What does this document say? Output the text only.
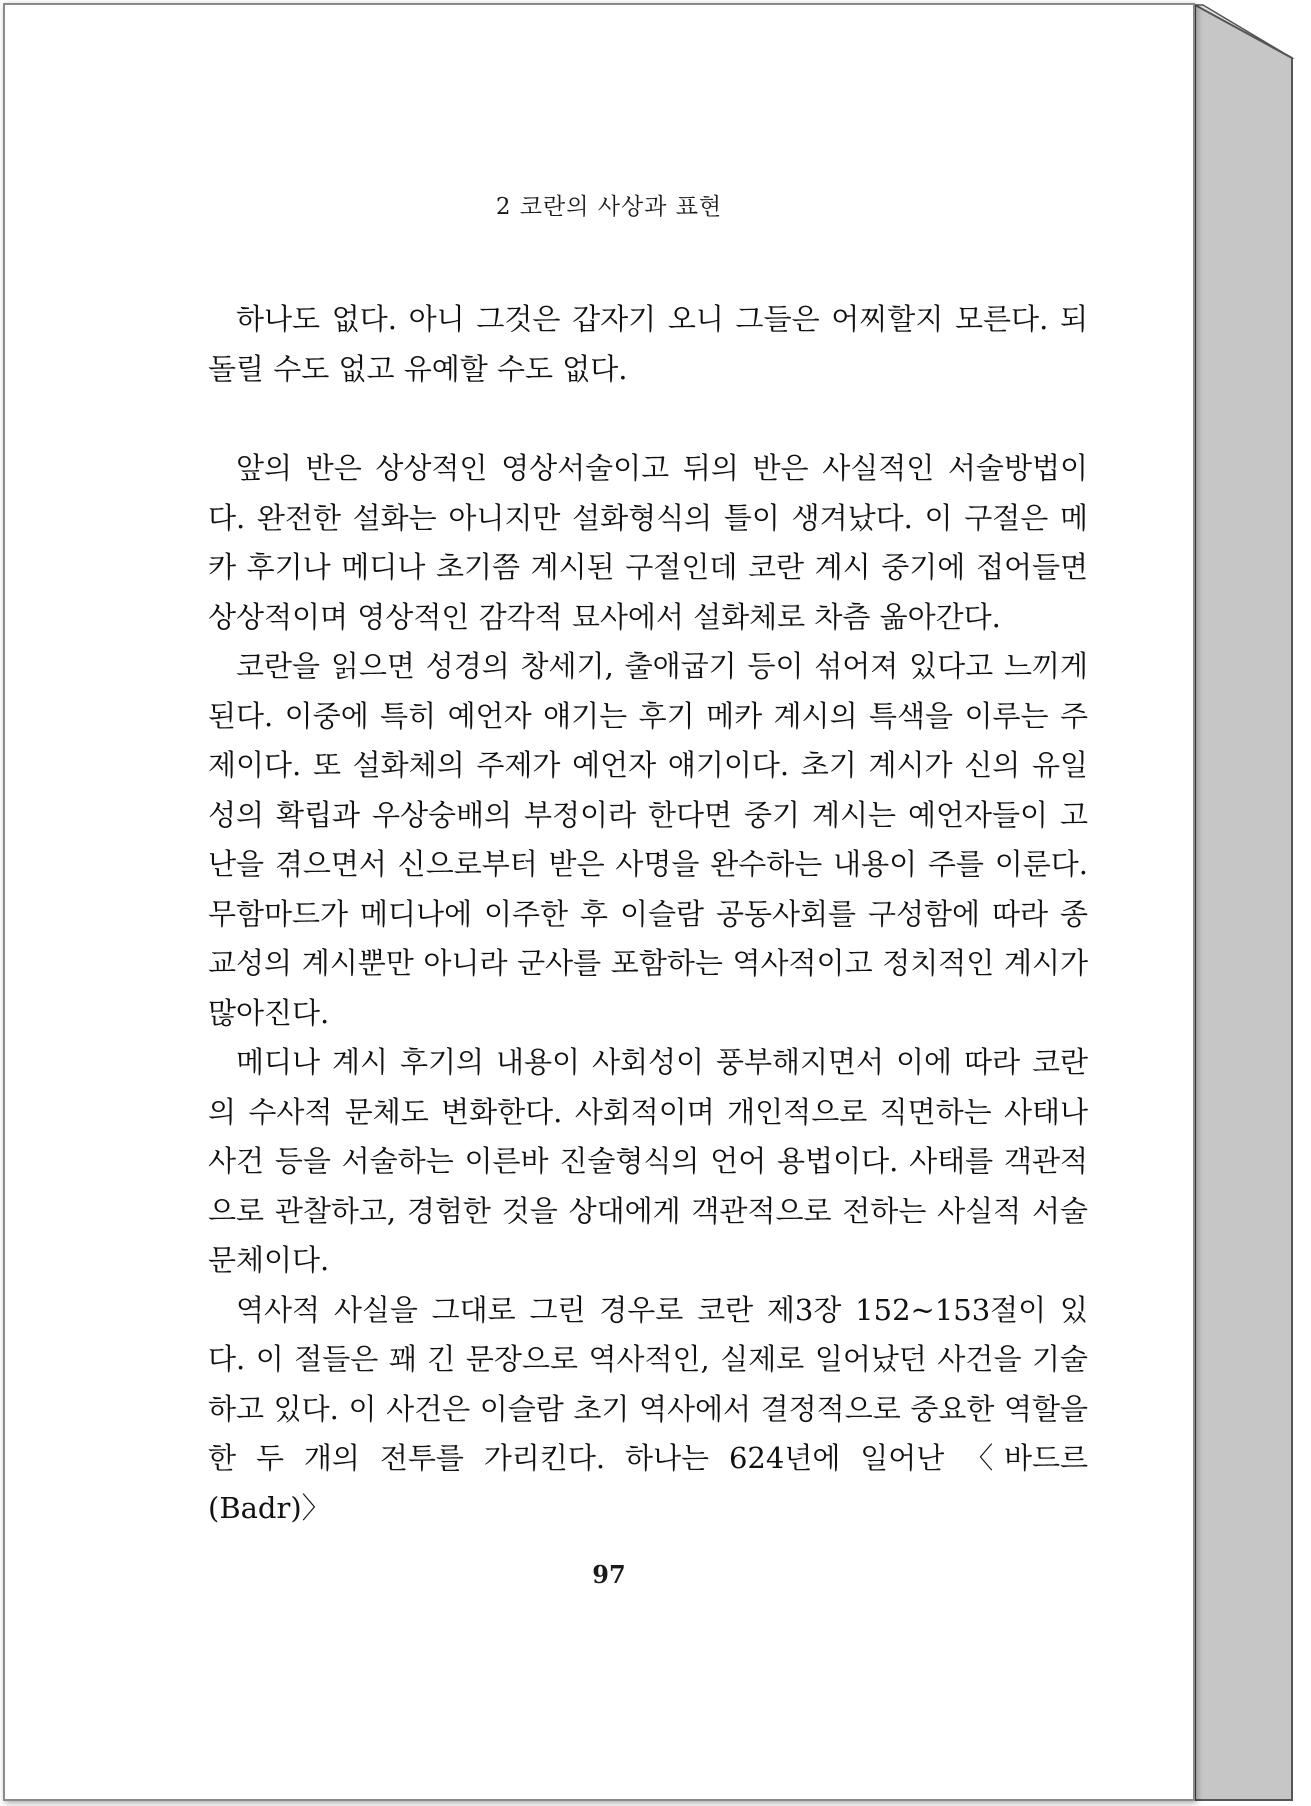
2 코란의 사상과 표현

하나도 없다. 아니 그것은 갑자기 오니 그들은 어찌할지 모른다. 되돌릴 수도 없고 유예할 수도 없다.

앞의 반은 상상적인 영상서술이고 뒤의 반은 사실적인 서술방법이다. 완전한 설화는 아니지만 설화형식의 틀이 생겨났다. 이 구절은 메카 후기나 메디나 초기쯤 계시된 구절인데 코란 계시 중기에 접어들면 상상적이며 영상적인 감각적 묘사에서 설화체로 차츰 옮아간다.

코란을 읽으면 성경의 창세기, 출애굽기 등이 섞어져 있다고 느끼게 된다. 이중에 특히 예언자 얘기는 후기 메카 계시의 특색을 이루는 주제이다. 또 설화체의 주제가 예언자 얘기이다. 초기 계시가 신의 유일성의 확립과 우상숭배의 부정이라 한다면 중기 계시는 예언자들이 고난을 겪으면서 신으로부터 받은 사명을 완수하는 내용이 주를 이룬다. 무함마드가 메디나에 이주한 후 이슬람 공동사회를 구성함에 따라 종교성의 계시뿐만 아니라 군사를 포함하는 역사적이고 정치적인 계시가 많아진다.

메디나 계시 후기의 내용이 사회성이 풍부해지면서 이에 따라 코란의 수사적 문체도 변화한다. 사회적이며 개인적으로 직면하는 사태나 사건 등을 서술하는 이른바 진술형식의 언어 용법이다. 사태를 객관적으로 관찰하고, 경험한 것을 상대에게 객관적으로 전하는 사실적 서술 문체이다.

역사적 사실을 그대로 그린 경우로 코란 제3장 152~153절이 있다. 이 절들은 꽤 긴 문장으로 역사적인, 실제로 일어났던 사건을 기술하고 있다. 이 사건은 이슬람 초기 역사에서 결정적으로 중요한 역할을 한 두 개의 전투를 가리킨다. 하나는 624년에 일어난 〈바드르(Badr)〉

97
